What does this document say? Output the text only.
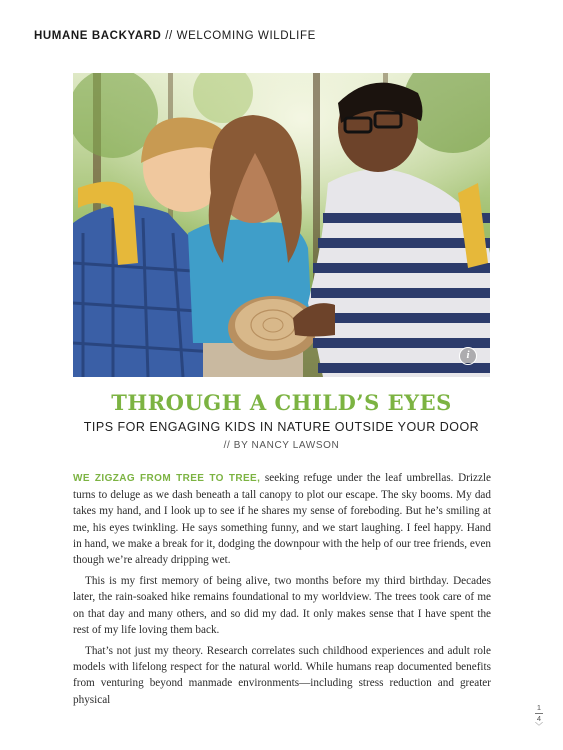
HUMANE BACKYARD // WELCOMING WILDLIFE
i
THROUGH A CHILD’S EYES
TIPS FOR ENGAGING KIDS IN NATURE OUTSIDE YOUR DOOR
// BY NANCY LAWSON

WE ZIGZAG FROM TREE TO TREE, seeking refuge under the leaf umbrellas. Drizzle turns to deluge as we dash beneath a tall canopy to plot our escape. The sky booms. My dad takes my hand, and I look up to see if he shares my sense of foreboding. But he’s smiling at me, his eyes twinkling. He says something funny, and we start laughing. I feel happy. Hand in hand, we make a break for it, dodging the downpour with the help of our tree friends, even though we’re already dripping wet.

This is my first memory of being alive, two months before my third birthday. Decades later, the rain-soaked hike remains foundational to my worldview. The trees took care of me on that day and many others, and so did my dad. It only makes sense that I have spent the rest of my life loving them back.

That’s not just my theory. Research correlates such childhood experiences and adult role models with lifelong respect for the natural world. While humans reap documented benefits from venturing beyond manmade environments—including stress reduction and greater physical

1
4
﹀
